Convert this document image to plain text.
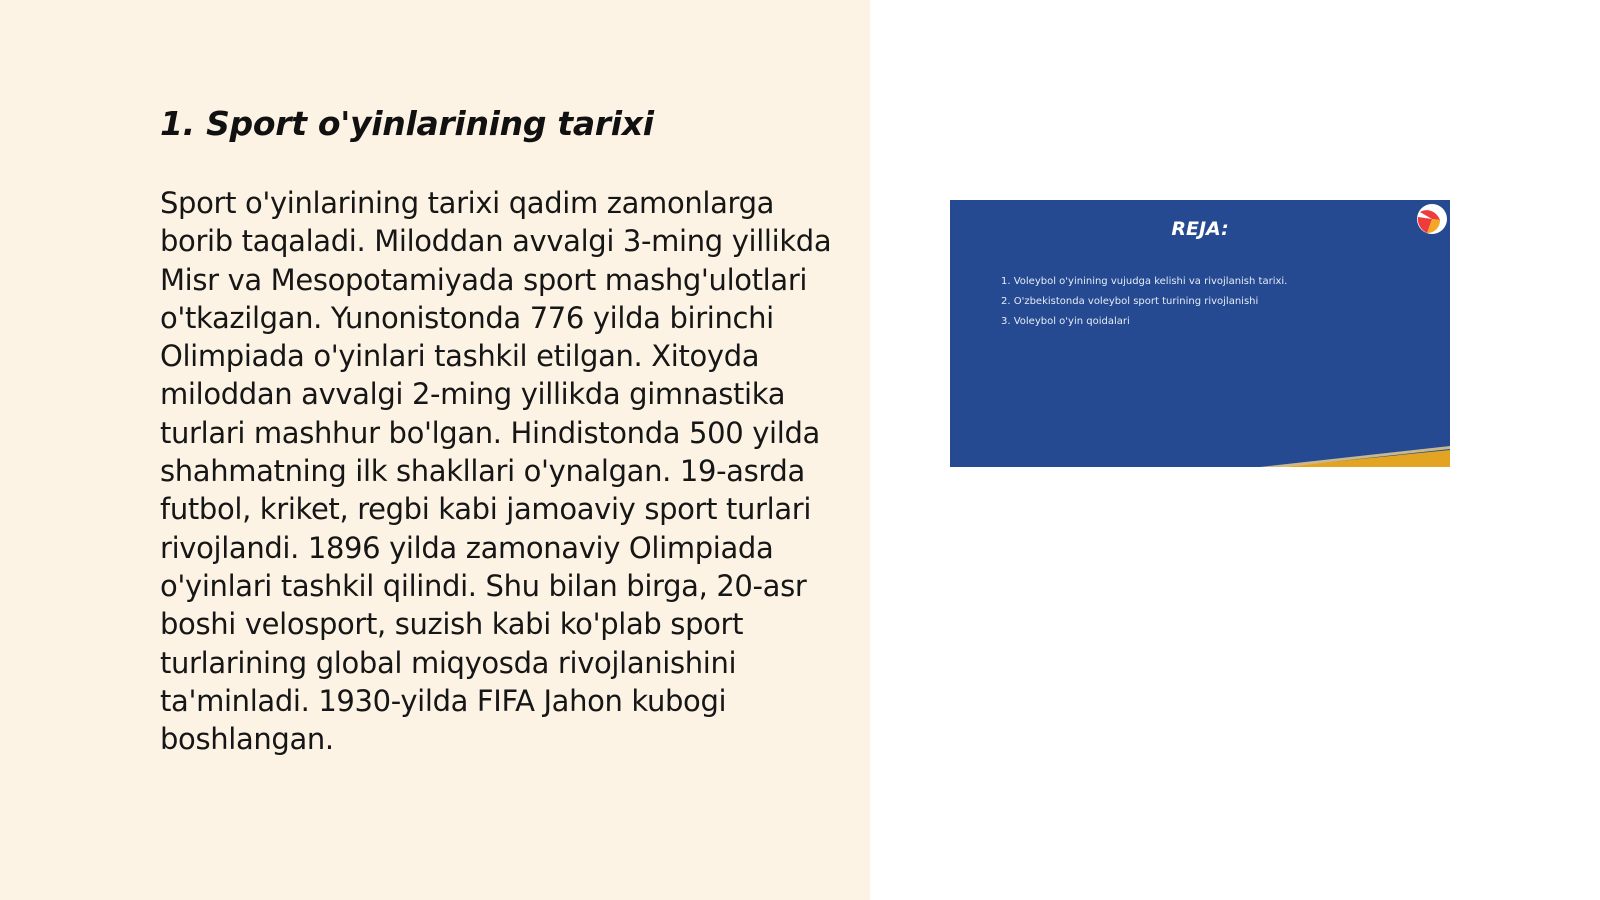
1. Sport o'yinlarining tarixi

Sport o'yinlarining tarixi qadim zamonlarga borib taqaladi. Miloddan avvalgi 3-ming yillikda Misr va Mesopotamiyada sport mashg'ulotlari o'tkazilgan. Yunonistonda 776 yilda birinchi Olimpiada o'yinlari tashkil etilgan. Xitoyda miloddan avvalgi 2-ming yillikda gimnastika turlari mashhur bo'lgan. Hindistonda 500 yilda shahmatning ilk shakllari o'ynalgan. 19-asrda futbol, kriket, regbi kabi jamoaviy sport turlari rivojlandi. 1896 yilda zamonaviy Olimpiada o'yinlari tashkil qilindi. Shu bilan birga, 20-asr boshi velosport, suzish kabi ko'plab sport turlarining global miqyosda rivojlanishini ta'minladi. 1930-yilda FIFA Jahon kubogi boshlangan.

REJA:
1. Voleybol o'yinining vujudga kelishi va rivojlanish tarixi.
2. O'zbekistonda voleybol sport turining rivojlanishi
3. Voleybol o'yin qoidalari
